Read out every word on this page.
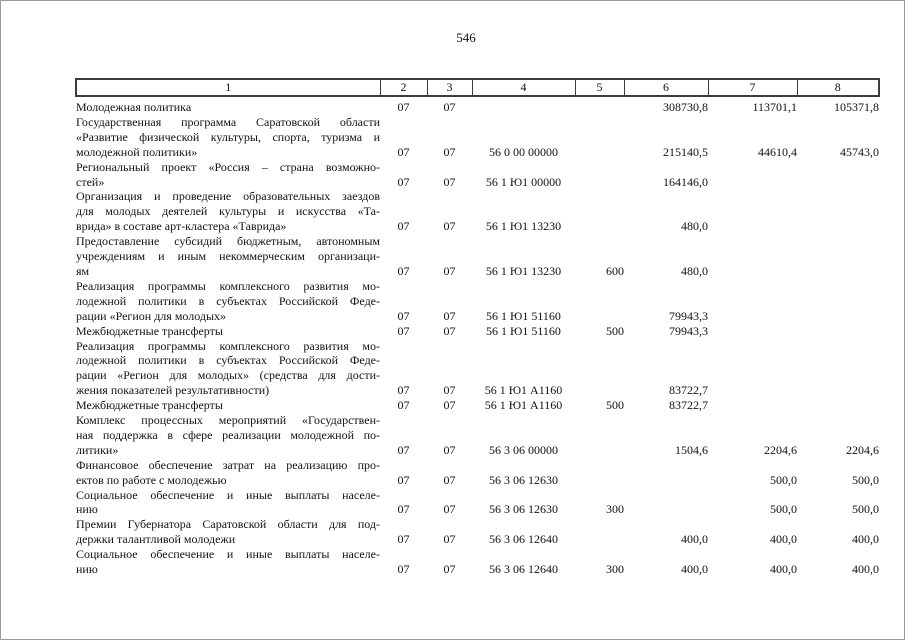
546
1	2	3	4	5	6	7	8

Молодежная политика	07	07			308730,8	113701,1	105371,8

Государственная программа Саратовской области
«Развитие физической культуры, спорта, туризма и
молодежной политики»	07	07	56 0 00 00000		215140,5	44610,4	45743,0

Региональный проект «Россия – страна возможно-
стей»	07	07	56 1 Ю1 00000		164146,0		

Организация и проведение образовательных заездов
для молодых деятелей культуры и искусства «Та-
врида» в составе арт-кластера «Таврида»	07	07	56 1 Ю1 13230		480,0		

Предоставление субсидий бюджетным, автономным
учреждениям и иным некоммерческим организаци-
ям	07	07	56 1 Ю1 13230	600	480,0		

Реализация программы комплексного развития мо-
лодежной политики в субъектах Российской Феде-
рации «Регион для молодых»	07	07	56 1 Ю1 51160		79943,3		

Межбюджетные трансферты	07	07	56 1 Ю1 51160	500	79943,3		

Реализация программы комплексного развития мо-
лодежной политики в субъектах Российской Феде-
рации «Регион для молодых» (средства для дости-
жения показателей результативности)	07	07	56 1 Ю1 А1160		83722,7		

Межбюджетные трансферты	07	07	56 1 Ю1 А1160	500	83722,7		

Комплекс процессных мероприятий «Государствен-
ная поддержка в сфере реализации молодежной по-
литики»	07	07	56 3 06 00000		1504,6	2204,6	2204,6

Финансовое обеспечение затрат на реализацию про-
ектов по работе с молодежью	07	07	56 3 06 12630			500,0	500,0

Социальное обеспечение и иные выплаты населе-
нию	07	07	56 3 06 12630	300		500,0	500,0

Премии Губернатора Саратовской области для под-
держки талантливой молодежи	07	07	56 3 06 12640		400,0	400,0	400,0

Социальное обеспечение и иные выплаты населе-
нию	07	07	56 3 06 12640	300	400,0	400,0	400,0
